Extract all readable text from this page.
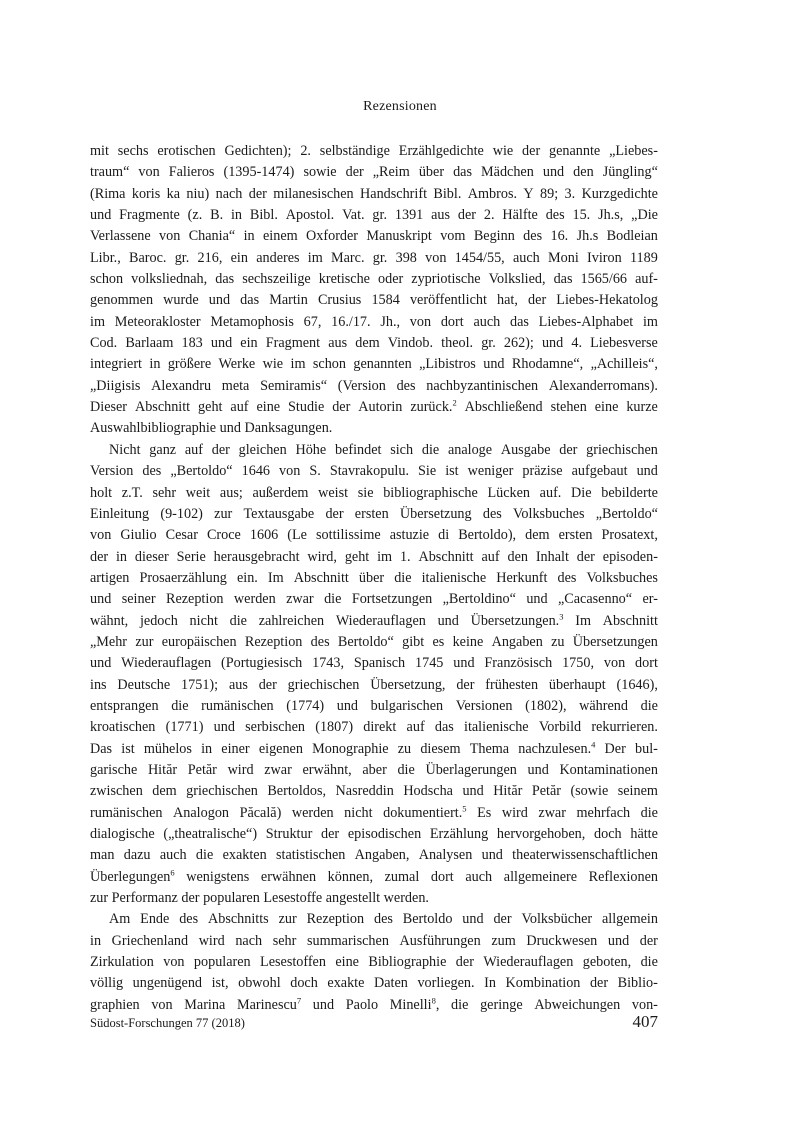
Rezensionen
mit sechs erotischen Gedichten); 2. selbständige Erzählgedichte wie der genannte „Liebes-
traum“ von Falieros (1395-1474) sowie der „Reim über das Mädchen und den Jüngling“
(Rima koris ka niu) nach der milanesischen Handschrift Bibl. Ambros. Y 89; 3. Kurzgedichte
und Fragmente (z. B. in Bibl. Apostol. Vat. gr. 1391 aus der 2. Hälfte des 15. Jh.s, „Die
Verlassene von Chania“ in einem Oxforder Manuskript vom Beginn des 16. Jh.s Bodleian
Libr., Baroc. gr. 216, ein anderes im Marc. gr. 398 von 1454/55, auch Moni Iviron 1189
schon volksliednah, das sechszeilige kretische oder zypriotische Volkslied, das 1565/66 auf-
genommen wurde und das Martin Crusius 1584 veröffentlicht hat, der Liebes-Hekatolog
im Meteorakloster Metamophosis 67, 16./17. Jh., von dort auch das Liebes-Alphabet im
Cod. Barlaam 183 und ein Fragment aus dem Vindob. theol. gr. 262); und 4. Liebesverse
integriert in größere Werke wie im schon genannten „Libistros und Rhodamne“, „Achilleis“,
„Diigisis Alexandru meta Semiramis“ (Version des nachbyzantinischen Alexanderromans).
Dieser Abschnitt geht auf eine Studie der Autorin zurück.$^2$ Abschließend stehen eine kurze
Auswahlbibliographie
und
Danksagungen.
Nicht ganz auf der gleichen Höhe befindet sich die analoge Ausgabe der griechischen
Version des „Bertoldo“ 1646 von S. Stavrakopulu. Sie ist weniger präzise aufgebaut und
holt z.T. sehr weit aus; außerdem weist sie bibliographische Lücken auf. Die bebilderte
Einleitung (9-102) zur Textausgabe der ersten Übersetzung des Volksbuches „Bertoldo“
von Giulio Cesar Croce 1606 (Le sottilissime astuzie di Bertoldo), dem ersten Prosatext,
der in dieser Serie herausgebracht wird, geht im 1. Abschnitt auf den Inhalt der episoden-
artigen Prosaerzählung ein. Im Abschnitt über die italienische Herkunft des Volksbuches
und seiner Rezeption werden zwar die Fortsetzungen „Bertoldino“ und „Cacasenno“ er-
wähnt, jedoch nicht die zahlreichen Wiederauflagen und Übersetzungen.$^3$ Im Abschnitt
„Mehr zur europäischen Rezeption des Bertoldo“ gibt es keine Angaben zu Übersetzungen
und Wiederauflagen (Portugiesisch 1743, Spanisch 1745 und Französisch 1750, von dort
ins Deutsche 1751); aus der griechischen Übersetzung, der frühesten überhaupt (1646),
entsprangen die rumänischen (1774) und bulgarischen Versionen (1802), während die
kroatischen (1771) und serbischen (1807) direkt auf das italienische Vorbild rekurrieren.
Das ist mühelos in einer eigenen Monographie zu diesem Thema nachzulesen.$^4$ Der bul-
garische Hităr Petăr wird zwar erwähnt, aber die Überlagerungen und Kontaminationen
zwischen dem griechischen Bertoldos, Nasreddin Hodscha und Hităr Petăr (sowie seinem
rumänischen Analogon Păcală) werden nicht dokumentiert.$^5$ Es wird zwar mehrfach die
dialogische („theatralische“) Struktur der episodischen Erzählung hervorgehoben, doch hätte
man dazu auch die exakten statistischen Angaben, Analysen und theaterwissenschaftlichen
Überlegungen$^6$ wenigstens erwähnen können, zumal dort auch allgemeinere Reflexionen
zur
Performanz
der
popularen
Lesestoffe
angestellt
werden.
Am Ende des Abschnitts zur Rezeption des Bertoldo und der Volksbücher allgemein
in Griechenland wird nach sehr summarischen Ausführungen zum Druckwesen und der
Zirkulation von popularen Lesestoffen eine Bibliographie der Wiederauflagen geboten, die
völlig ungenügend ist, obwohl doch exakte Daten vorliegen. In Kombination der Biblio-
graphien von Marina Marinescu$^7$ und Paolo Minelli$^8$, die geringe Abweichungen von-
Südost-Forschungen 77 (2018)	407
